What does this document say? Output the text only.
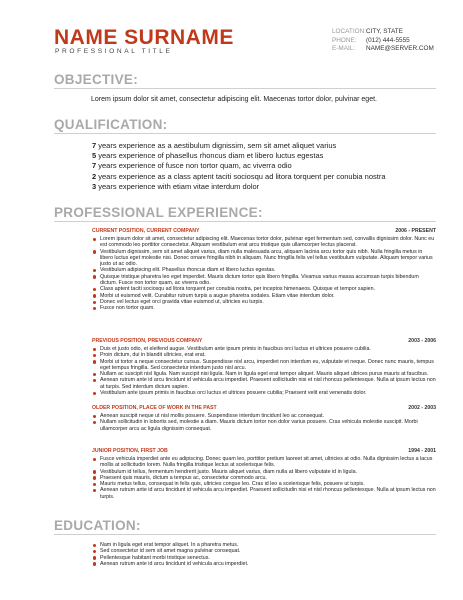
NAME SURNAME
PROFESSIONAL TITLE
LOCATION: CITY, STATE
PHONE:	(012) 444-5555
E-MAIL:	NAME@SERVER.COM
OBJECTIVE:
Lorem ipsum dolor sit amet, consectetur adipiscing elit. Maecenas tortor dolor, pulvinar eget.
QUALIFICATION:
7 years experience as a aestibulum dignissim, sem sit amet aliquet varius
5 years experience of phasellus rhoncus diam et libero luctus egestas
7 years experience of fusce non tortor quam, ac viverra odio
2 years experience as a class aptent taciti sociosqu ad litora torquent per conubia nostra
3 years experience with etiam vitae interdum dolor
PROFESSIONAL EXPERIENCE:
CURRENT POSITION, CURRENT COMPANY	2006 - PRESENT
Lorem ipsum dolor sit amet, consectetur adipiscing elit. Maecenas tortor dolor, pulvinar eget fermentum sed, convallis dignissim dolor. Nunc eu est commodo leo porttitor consectetur. Aliquam vestibulum erat arcu tristique quis ullamcorper lectus placerat.
Vestibulum dignissim, sem sit amet aliquet varius, diam nulla malesuada arcu, aliquam lacinia arcu tortor quis nibh. Nulla fringilla metus in libero luctus eget molestie nisi. Donec ornare fringilla nibh in aliquam. Nunc fringilla felis vel tellus vestibulum vulputate. Aliquam tempor varius justo ut ac odio.
Vestibulum adipiscing elit. Phasellus rhoncus diam et libero luctus egestas.
Quisque tristique pharetra leo eget imperdiet. Mauris dictum tortor quis libero fringilla. Vivamus varius massa accumsan turpis bibendum dictum. Fusce non tortor quam, ac viverra odio.
Class aptent taciti sociosqu ad litora torquent per conubia nostra, per inceptos himenaeos. Quisque et tempor sapien.
Morbi ut euismod velit. Curabitur rutrum turpis a augue pharetra sodales. Etiam vitae interdum dolor.
Donec vel lectus eget orci gravida vitae euismod ut, ultricies eu turpis.
Fusce non tortor quam.
PREVIOUS POSITION, PREVIOUS COMPANY	2003 - 2006
Duis et justo odio, et eleifend augue. Vestibulum ante ipsum primis in faucibus orci luctus et ultrices posuere cubilia.
Proin dictum, dui in blandit ultricies, erat erat.
Morbi ut tortor a neque consectetur cursus. Suspendisse nisl arcu, imperdiet non interdum eu, vulputate et neque. Donec nunc mauris, tempus eget tempus fringilla. Sed consectetur interdum justo nisl arcu.
Nullam ac suscipit nisl ligula. Nam suscipit nisi ligula. Nam in ligula eget erat tempor aliquet. Mauris aliquet ultrices purus mauris at faucibus.
Aenean rutrum ante id arcu tincidunt id vehicula arcu imperdiet. Praesent sollicitudin nisi et nisl rhoncus pellentesque. Nulla at ipsum lectus non at turpis. Sed interdum dictum sapien.
Vestibulum ante ipsum primis in faucibus orci luctus et ultrices posuere cubilia; Praesent velit erat venenatis dolor.
OLDER POSITION, PLACE OF WORK IN THE PAST	2002 - 2003
Aenean suscipit neque ut nisl mollis posuere. Suspendisse interdum tincidunt leo ac consequat.
Nullam sollicitudin in lobortis sed, molestie a diam. Mauris dictum tortor non dolor varius posuere. Cras vehicula molestie suscipit. Morbi ullamcorper arcu ac ligula dignissim consequat.
JUNIOR POSITION, FIRST JOB	1994 - 2001
Fusce vehicula imperdiet ante eu adipiscing. Donec quam leo, porttitor pretium laoreet sit amet, ultricies at odio. Nulla dignissim lectus a lacus mollis at sollicitudin lorem. Nulla fringilla tristique lectus at scelerisque felis.
Vestibulum id tellus, fermentum hendrerit justo. Mauris aliquet varius, diam nulla at libero vulputate id in ligula.
Praesent quis mauris, dictum a tempus ac, consectetur commodo arcu.
Mauris metus tellus, consequat in felis quis, ultricies congue leo. Cras id leo a scelerisque felis, posuere ut turpis.
Aenean rutrum ante id arcu tincidunt id vehicula arcu imperdiet. Praesent sollicitudin nisi et nisl rhoncus pellentesque. Nulla at ipsum lectus non turpis.
EDUCATION:
Nam in ligula eget erat tempor aliquet. In a pharetra metus.
Sed consectetur id sem sit amet magna pulvinar consequat.
Pellentesque habitant morbi tristique senectus.
Aenean rutrum ante id arcu tincidunt id vehicula arcu imperdiet.
